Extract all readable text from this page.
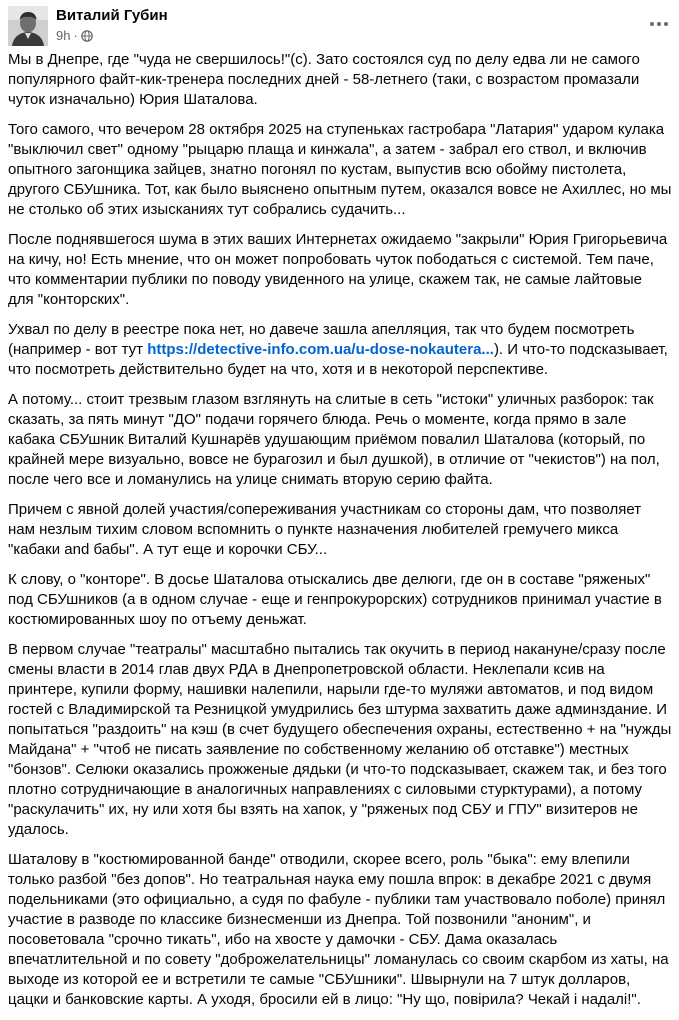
Виталий Губин
9h ·

Мы в Днепре, где "чуда не свершилось!"(с). Зато состоялся суд по делу едва ли не самого
популярного файт-кик-тренера последних дней - 58-летнего (таки, с возрастом промазали
чуток изначально) Юрия Шаталова.

Того самого, что вечером 28 октября 2025 на ступеньках гастробара "Латария" ударом кулака
"выключил свет" одному "рыцарю плаща и кинжала", а затем - забрал его ствол, и включив
опытного загонщика зайцев, знатно погонял по кустам, выпустив всю обойму пистолета,
другого СБУшника. Тот, как было выяснено опытным путем, оказался вовсе не Ахиллес, но мы
не столько об этих изысканиях тут собрались судачить...

После поднявшегося шума в этих ваших Интернетах ожидаемо "закрыли" Юрия Григорьевича
на кичу, но! Есть мнение, что он может попробовать чуток пободаться с системой. Тем паче,
что комментарии публики по поводу увиденного на улице, скажем так, не самые лайтовые
для "конторских".

Ухвал по делу в реестре пока нет, но давече зашла апелляция, так что будем посмотреть
(например - вот тут https://detective-info.com.ua/u-dose-nokautera...). И что-то подсказывает,
что посмотреть действительно будет на что, хотя и в некоторой перспективе.

А потому... стоит трезвым глазом взглянуть на слитые в сеть "истоки" уличных разборок: так
сказать, за пять минут "ДО" подачи горячего блюда. Речь о моменте, когда прямо в зале
кабака СБУшник Виталий Кушнарёв удушающим приёмом повалил Шаталова (который, по
крайней мере визуально, вовсе не бурагозил и был душкой), в отличие от "чекистов") на пол,
после чего все и ломанулись на улице снимать вторую серию файта.

Причем с явной долей участия/сопереживания участникам со стороны дам, что позволяет
нам незлым тихим словом вспомнить о пункте назначения любителей гремучего микса
"кабаки and бабы". А тут еще и корочки СБУ...

К слову, о "конторе". В досье Шаталова отыскались две делюги, где он в составе "ряженых"
под СБУшников (а в одном случае - еще и генпрокурорских) сотрудников принимал участие в
костюмированных шоу по отъему деньжат.

В первом случае "театралы" масштабно пытались так окучить в период накануне/сразу после
смены власти в 2014 глав двух РДА в Днепропетровской области. Неклепали ксив на
принтере, купили форму, нашивки налепили, нарыли где-то муляжи автоматов, и под видом
гостей с Владимирской та Резницкой умудрились без штурма захватить даже админздание. И
попытаться "раздоить" на кэш (в счет будущего обеспечения охраны, естественно + на "нужды
Майдана" + "чтоб не писать заявление по собственному желанию об отставке") местных
"бонзов". Селюки оказались прожженые дядьки (и что-то подсказывает, скажем так, и без того
плотно сотрудничающие в аналогичных направлениях с силовыми стурктурами), а потому
"раскулачить" их, ну или хотя бы взять на хапок, у "ряженых под СБУ и ГПУ" визитеров не
удалось.

Шаталову в "костюмированной банде" отводили, скорее всего, роль "быка": ему влепили
только разбой "без допов". Но театральная наука ему пошла впрок: в декабре 2021 с двумя
подельниками (это официально, а судя по фабуле - публики там участвовало поболе) принял
участие в разводе по классике бизнесменши из Днепра. Той позвонили "аноним", и
посоветовала "срочно тикать", ибо на хвосте у дамочки - СБУ. Дама оказалась
впечатлительной и по совету "доброжелательницы" ломанулась со своим скарбом из хаты, на
выходе из которой ее и встретили те самые "СБУшники". Швырнули на 7 штук долларов,
цацки и банковские карты. А уходя, бросили ей в лицо: "Ну що, повірила? Чекай і надалі!".
